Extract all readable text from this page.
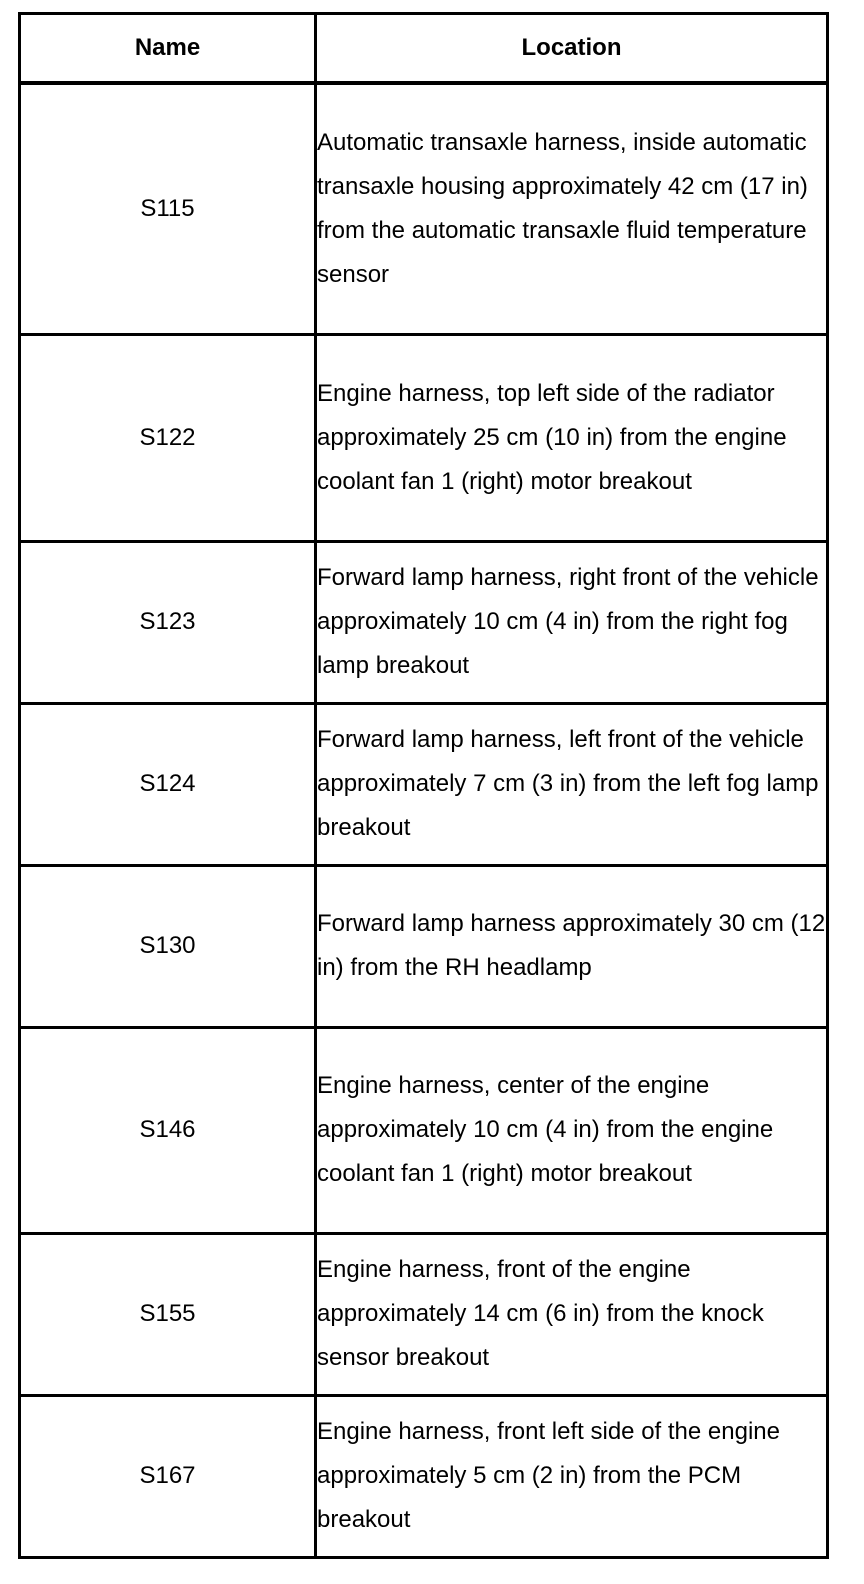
Name	Location
S115	Automatic transaxle harness, inside automatic transaxle housing approximately 42 cm (17 in) from the automatic transaxle fluid temperature sensor
S122	Engine harness, top left side of the radiator approximately 25 cm (10 in) from the engine coolant fan 1 (right) motor breakout
S123	Forward lamp harness, right front of the vehicle approximately 10 cm (4 in) from the right fog lamp breakout
S124	Forward lamp harness, left front of the vehicle approximately 7 cm (3 in) from the left fog lamp breakout
S130	Forward lamp harness approximately 30 cm (12 in) from the RH headlamp
S146	Engine harness, center of the engine approximately 10 cm (4 in) from the engine coolant fan 1 (right) motor breakout
S155	Engine harness, front of the engine approximately 14 cm (6 in) from the knock sensor breakout
S167	Engine harness, front left side of the engine approximately 5 cm (2 in) from the PCM breakout
